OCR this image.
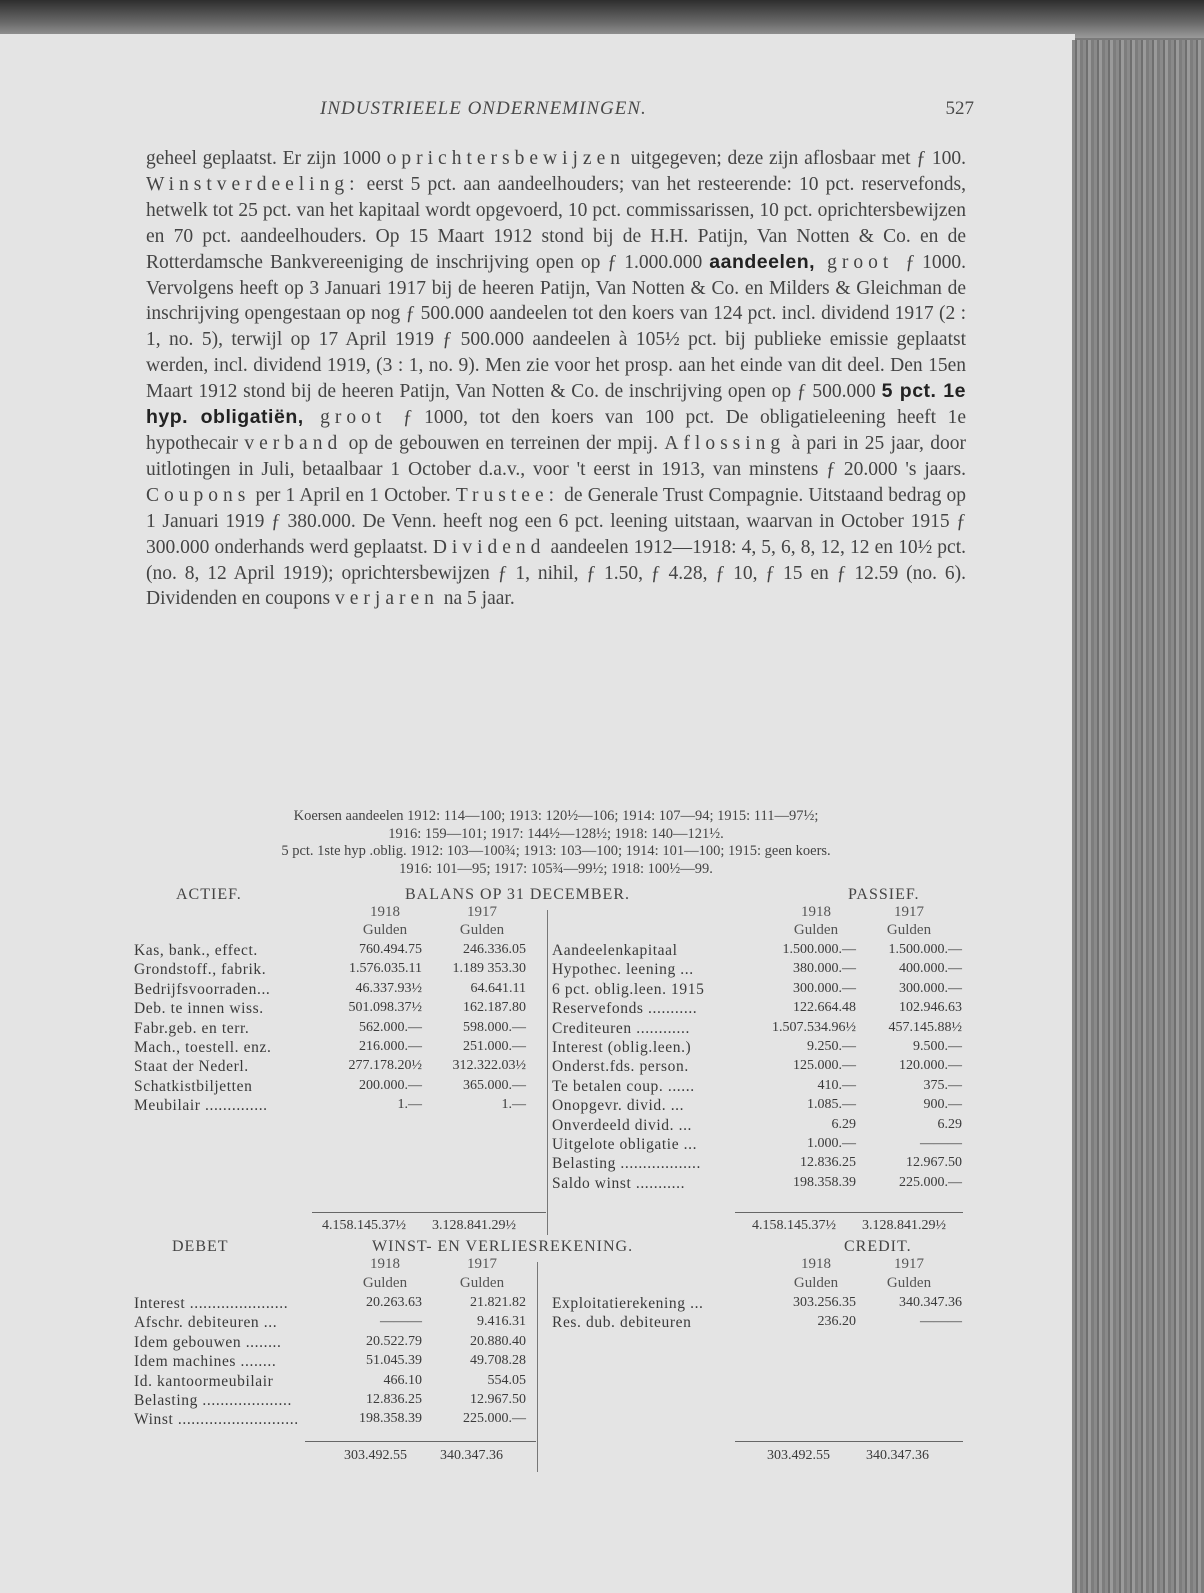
INDUSTRIEELE ONDERNEMINGEN.	527

geheel geplaatst. Er zijn 1000 oprichtersbewijzen uitgegeven; deze zijn aflosbaar met ƒ 100. Winstverdeeling: eerst 5 pct. aan aandeelhouders; van het resteerende: 10 pct. reservefonds, hetwelk tot 25 pct. van het kapitaal wordt opgevoerd, 10 pct. commissarissen, 10 pct. oprichtersbewijzen en 70 pct. aandeelhouders. Op 15 Maart 1912 stond bij de H.H. Patijn, Van Notten & Co. en de Rotterdamsche Bankvereeniging de inschrijving open op ƒ 1.000.000 aandeelen, groot ƒ 1000. Vervolgens heeft op 3 Januari 1917 bij de heeren Patijn, Van Notten & Co. en Milders & Gleichman de inschrijving opengestaan op nog ƒ 500.000 aandeelen tot den koers van 124 pct. incl. dividend 1917 (2 : 1, no. 5), terwijl op 17 April 1919 ƒ 500.000 aandeelen à 105½ pct. bij publieke emissie geplaatst werden, incl. dividend 1919, (3 : 1, no. 9). Men zie voor het prosp. aan het einde van dit deel. Den 15en Maart 1912 stond bij de heeren Patijn, Van Notten & Co. de inschrijving open op ƒ 500.000 5 pct. 1e hyp. obligatiën, groot ƒ 1000, tot den koers van 100 pct. De obligatieleening heeft 1e hypothecair verband op de gebouwen en terreinen der mpij. Aflossing à pari in 25 jaar, door uitlotingen in Juli, betaalbaar 1 October d.a.v., voor 't eerst in 1913, van minstens ƒ 20.000 's jaars. Coupons per 1 April en 1 October. Trustee: de Generale Trust Compagnie. Uitstaand bedrag op 1 Januari 1919 ƒ 380.000. De Venn. heeft nog een 6 pct. leening uitstaan, waarvan in October 1915 ƒ 300.000 onderhands werd geplaatst. Dividend aandeelen 1912—1918: 4, 5, 6, 8, 12, 12 en 10½ pct. (no. 8, 12 April 1919); oprichtersbewijzen ƒ 1, nihil, ƒ 1.50, ƒ 4.28, ƒ 10, ƒ 15 en ƒ 12.59 (no. 6). Dividenden en coupons verjaren na 5 jaar.

Koersen aandeelen 1912: 114—100; 1913: 120½—106; 1914: 107—94; 1915: 111—97½;
1916: 159—101; 1917: 144½—128½; 1918: 140—121½.
5 pct. 1ste hyp .oblig. 1912: 103—100¾; 1913: 103—100; 1914: 101—100; 1915: geen koers.
1916: 101—95; 1917: 105¾—99½; 1918: 100½—99.
ACTIEF.	BALANS OP 31 DECEMBER.	PASSIEF.
1918	1917
Gulden	Gulden
1918	1917
Gulden	Gulden
Kas, bank., effect.	760.494.75	246.336.05
Grondstoff., fabrik.	1.576.035.11 1.189 353.30
Bedrijfsvoorraden...	46.337.93½	64.641.11
Deb. te innen wiss.	501.098.37½	162.187.80
Fabr.geb. en terr.	562.000.—	598.000.—
Mach., toestell. enz.	216.000.—	251.000.—
Staat der Nederl.	277.178.20½ 312.322.03½
Schatkistbiljetten	200.000.—	365.000.—
Meubilair ..............	1.—	1.—
Aandeelenkapitaal	1.500.000.— 1.500.000.—
Hypothec. leening ...	380.000.—	400.000.—
6 pct. oblig.leen. 1915	300.000.—	300.000.—
Reservefonds ...........	122.664.48	102.946.63
Crediteuren ............	1.507.534.96½ 457.145.88½
Interest (oblig.leen.)	9.250.—	9.500.—
Onderst.fds. person.	125.000.—	120.000.—
Te betalen coup. ......	410.—	375.—
Onopgevr. divid. ...	1.085.—	900.—
Onverdeeld divid. ...	6.29	6.29
Uitgelote obligatie ...	1.000.—	———
Belasting ..................	12.836.25	12.967.50
Saldo winst ...........	198.358.39	225.000.—
4.158.145.37½ 3.128.841.29½	4.158.145.37½ 3.128.841.29½
DEBET	WINST- EN VERLIESREKENING.	CREDIT.
1918	1917
Gulden	Gulden
1918	1917
Gulden	Gulden
Interest ......................	20.263.63	21.821.82
Afschr. debiteuren ...	———	9.416.31
Idem gebouwen ........	20.522.79	20.880.40
Idem machines ........	51.045.39	49.708.28
Id. kantoormeubilair	466.10	554.05
Belasting ....................	12.836.25	12.967.50
Winst ...........................	198.358.39	225.000.—
Exploitatierekening ...	303.256.35	340.347.36
Res. dub. debiteuren	236.20	———
303.492.55 340.347.36	303.492.55	340.347.36
